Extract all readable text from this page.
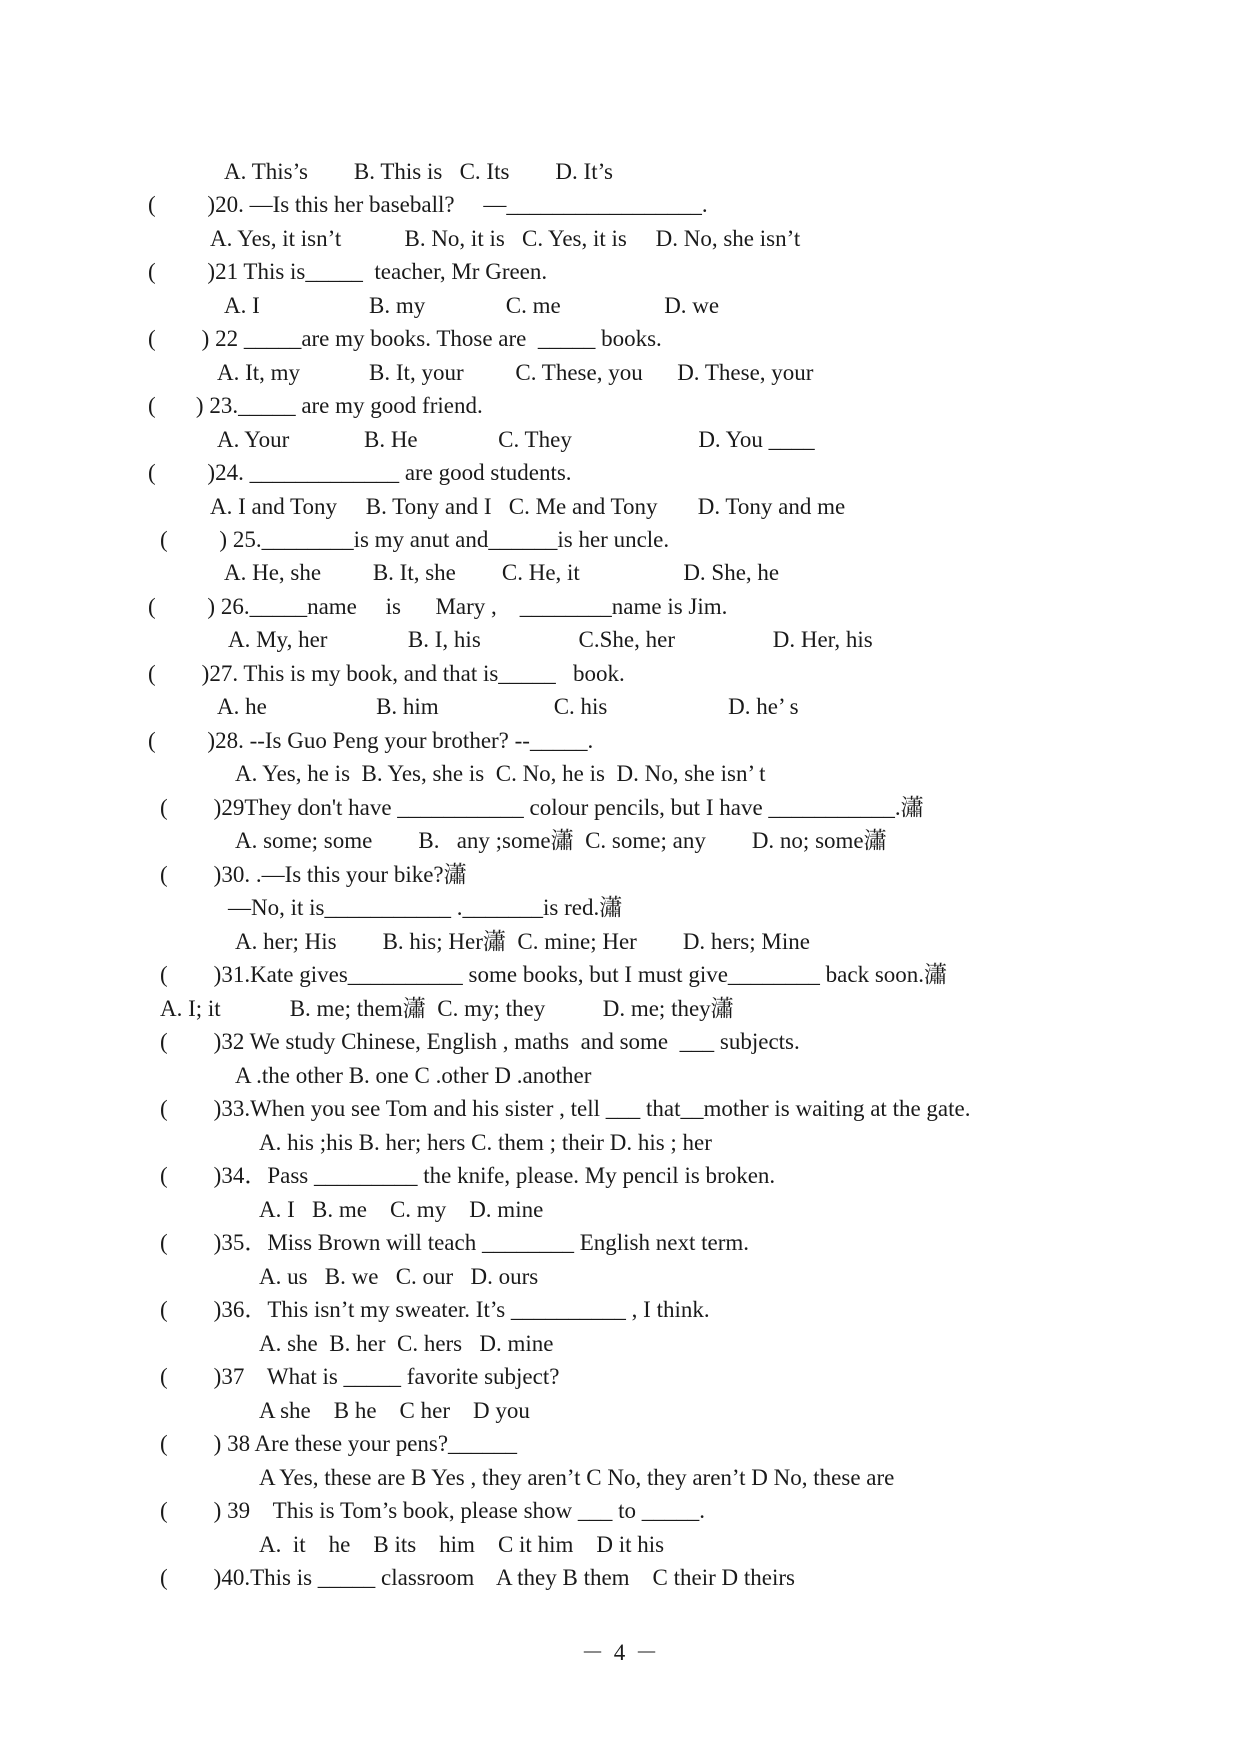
A. This’s        B. This is   C. Its        D. It’s
(         )20. —Is this her baseball?     —_________________.
A. Yes, it isn’t           B. No, it is   C. Yes, it is     D. No, she isn’t
(         )21 This is_____  teacher, Mr Green.
A. I                   B. my              C. me                  D. we
(        ) 22 _____are my books. Those are  _____ books.
A. It, my            B. It, your         C. These, you      D. These, your
(       ) 23._____ are my good friend.
A. Your             B. He              C. They                      D. You ____
(         )24. _____________ are good students.
A. I and Tony     B. Tony and I   C. Me and Tony       D. Tony and me
(         ) 25.________is my anut and______is her uncle.
A. He, she         B. It, she        C. He, it                  D. She, he
(         ) 26._____name     is      Mary ,    ________name is Jim.
A. My, her              B. I, his                 C.She, her                 D. Her, his
(        )27. This is my book, and that is_____   book.
A. he                   B. him                    C. his                     D. he’ s
(         )28. --Is Guo Peng your brother? --_____.
A. Yes, he is  B. Yes, she is  C. No, he is  D. No, she isn’ t
(        )29They don't have ___________ colour pencils, but I have ___________.瀟
A. some; some        B.   any ;some瀟  C. some; any        D. no; some瀟
(        )30. .—Is this your bike?瀟
—No, it is___________ ._______is red.瀟
A. her; His        B. his; Her瀟  C. mine; Her        D. hers; Mine
(        )31.Kate gives__________ some books, but I must give________ back soon.瀟
A. I; it            B. me; them瀟  C. my; they          D. me; they瀟
(        )32 We study Chinese, English , maths  and some  ___ subjects.
A .the other B. one C .other D .another
(        )33.When you see Tom and his sister , tell ___ that__mother is waiting at the gate.
A. his ;his B. her; hers C. them ; their D. his ; her
(        )34．Pass _________ the knife, please. My pencil is broken.
A. I   B. me    C. my    D. mine
(        )35．Miss Brown will teach ________ English next term.
A. us   B. we   C. our   D. ours
(        )36．This isn’t my sweater. It’s __________ , I think.
A. she  B. her  C. hers   D. mine
(        )37    What is _____ favorite subject?
A she    B he    C her    D you
(        ) 38 Are these your pens?______
A Yes, these are B Yes , they aren’t C No, they aren’t D No, these are
(        ) 39    This is Tom’s book, please show ___ to _____.
A.  it    he    B its    him    C it him    D it his
(        )40.This is _____ classroom    A they B them    C their D theirs
－ 4 －
